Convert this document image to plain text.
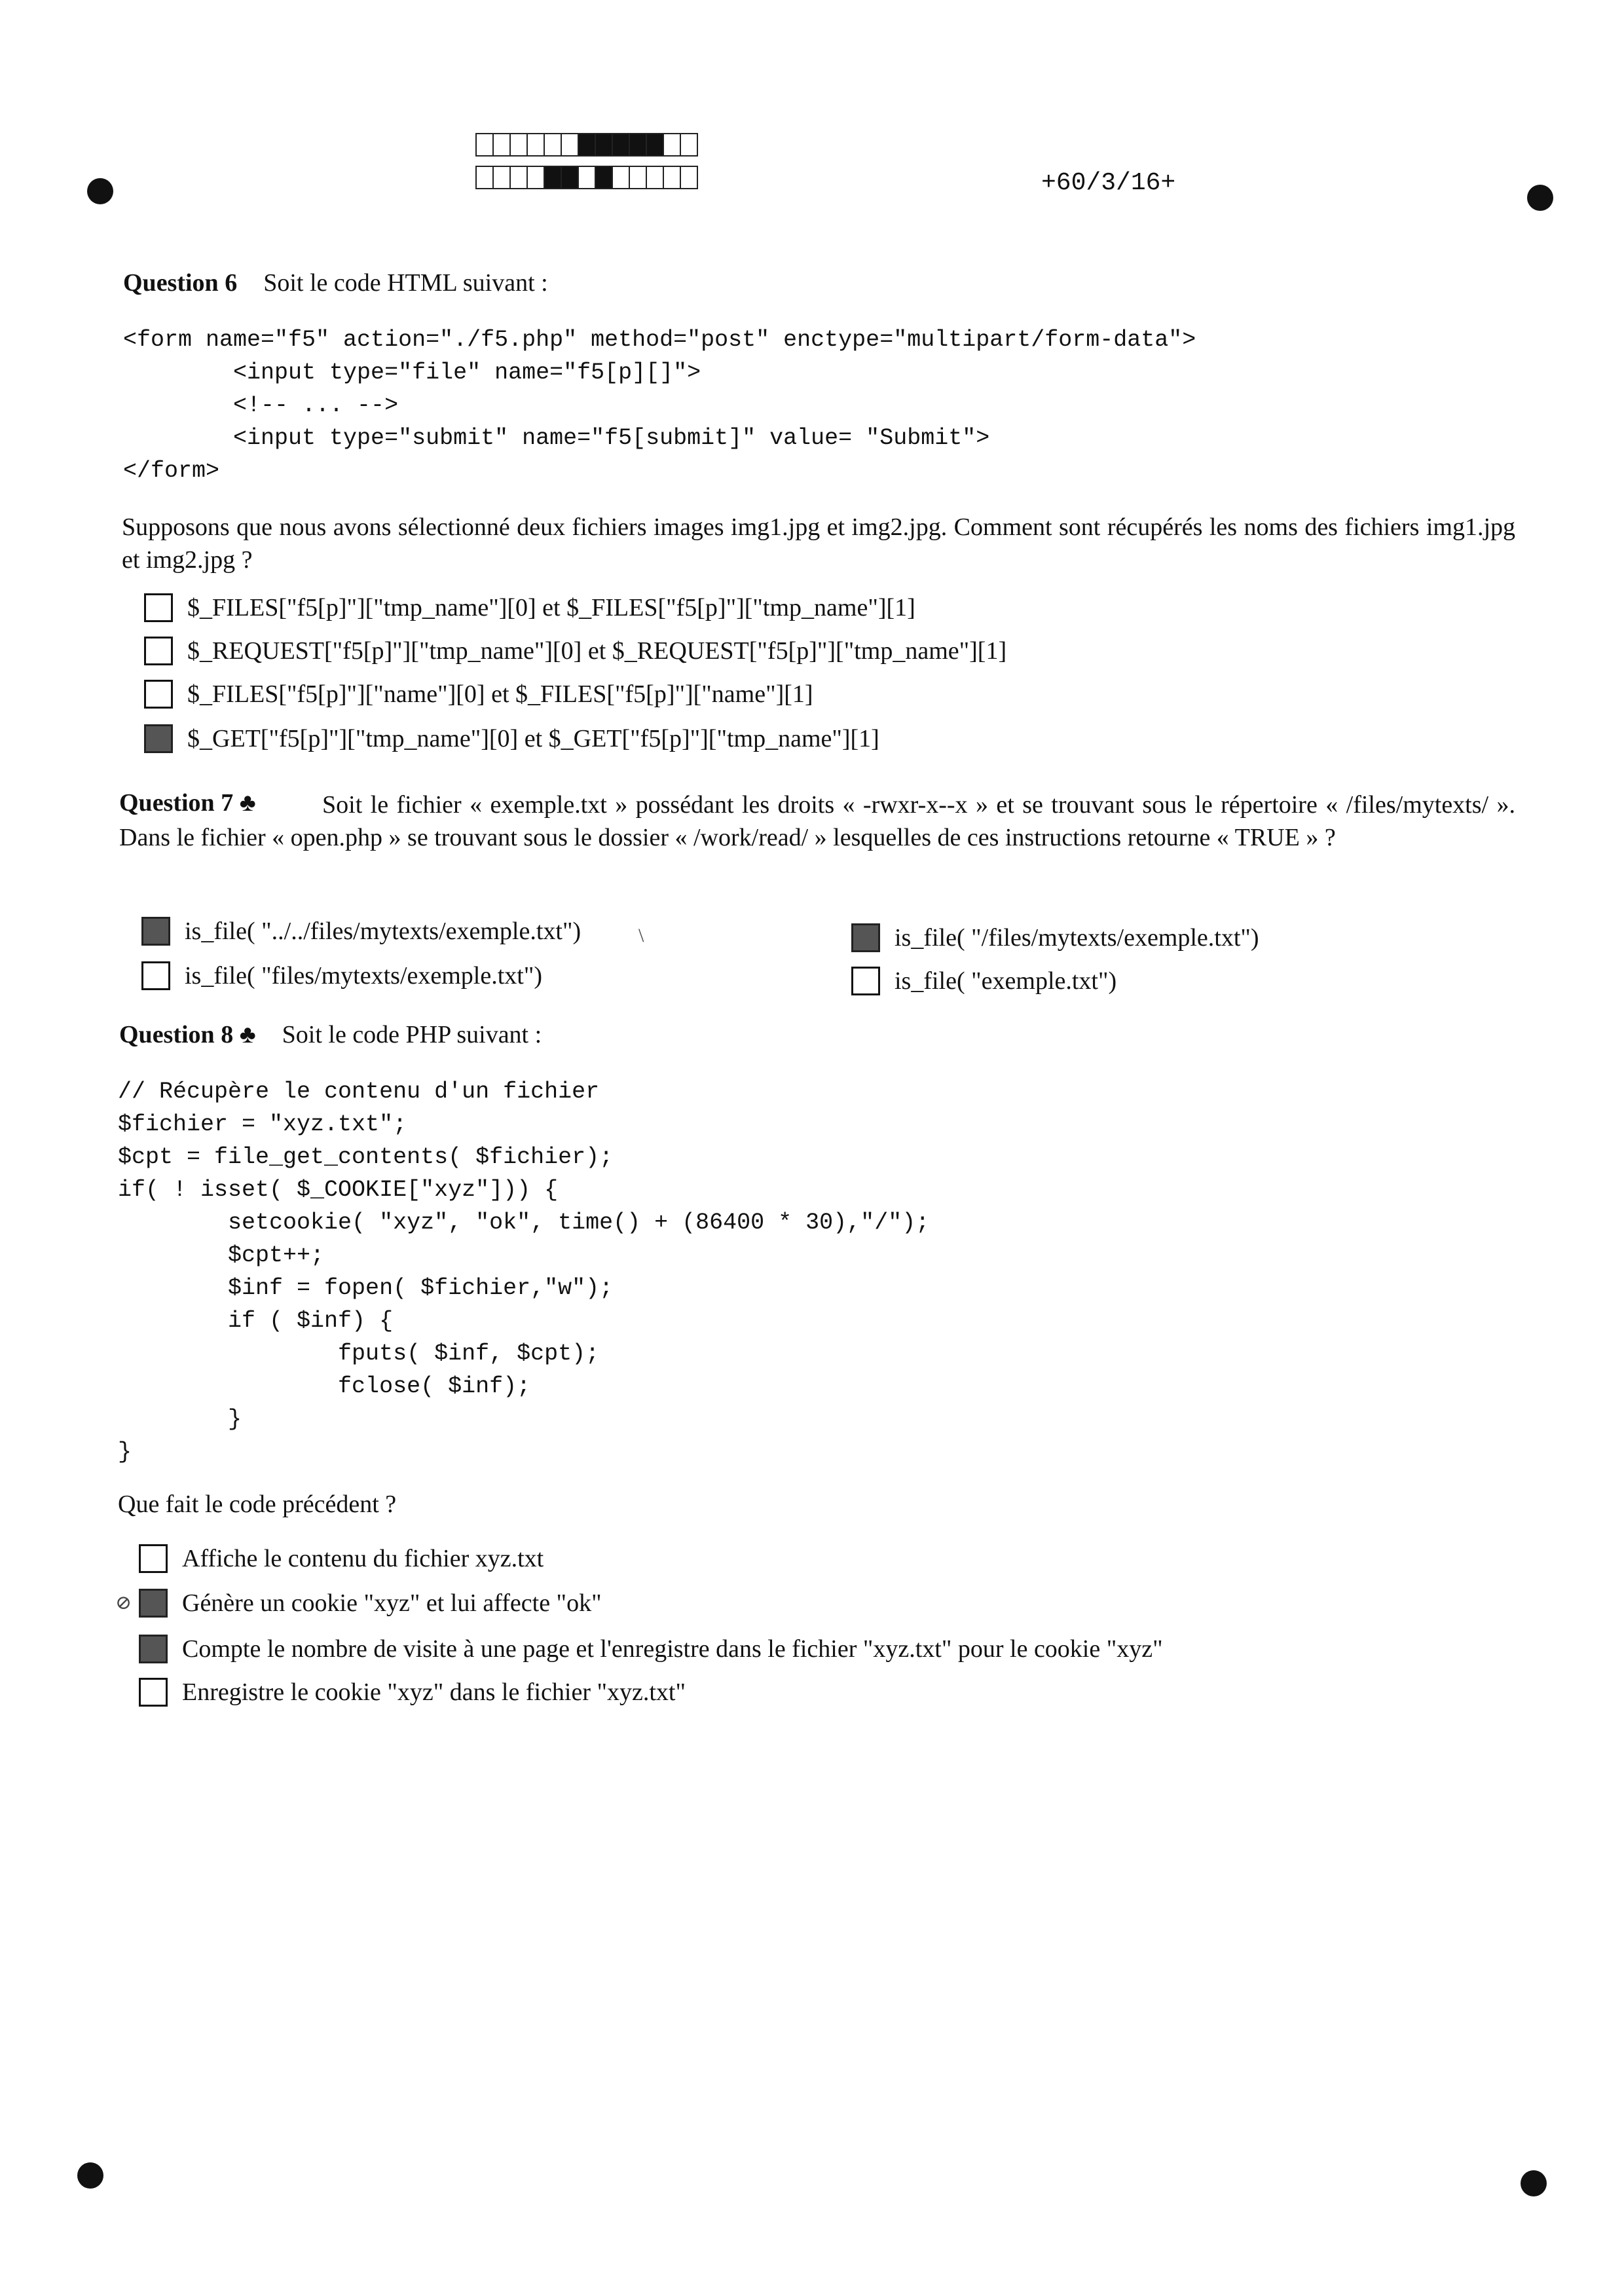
+60/3/16+
Question 6 Soit le code HTML suivant :
<form name="f5" action="./f5.php" method="post" enctype="multipart/form-data">
<input type="file" name="f5[p][]">
<!-- ... -->
<input type="submit" name="f5[submit]" value= "Submit">
</form>
Supposons que nous avons sélectionné deux fichiers images img1.jpg et img2.jpg. Comment sont récupérés les noms des fichiers img1.jpg et img2.jpg ?
$_FILES["f5[p]"]["tmp_name"][0] et $_FILES["f5[p]"]["tmp_name"][1]
$_REQUEST["f5[p]"]["tmp_name"][0] et $_REQUEST["f5[p]"]["tmp_name"][1]
$_FILES["f5[p]"]["name"][0] et $_FILES["f5[p]"]["name"][1]
$_GET["f5[p]"]["tmp_name"][0] et $_GET["f5[p]"]["tmp_name"][1]
Question 7 ♣	Soit le fichier « exemple.txt » possédant les droits « -rwxr-x--x » et se trouvant sous le répertoire « /files/mytexts/ ». Dans le fichier « open.php » se trouvant sous le dossier « /work/read/ » lesquelles de ces instructions retourne « TRUE » ?
is_file( "../../files/mytexts/exemple.txt")	is_file( "/files/mytexts/exemple.txt")
is_file( "files/mytexts/exemple.txt")	is_file( "exemple.txt")
Question 8 ♣ Soit le code PHP suivant :
// Récupère le contenu d'un fichier
$fichier = "xyz.txt";
$cpt = file_get_contents( $fichier);
if( ! isset( $_COOKIE["xyz"])) {
setcookie( "xyz", "ok", time() + (86400 * 30),"/");
$cpt++;
$inf = fopen( $fichier,"w");
if ( $inf) {
fputs( $inf, $cpt);
fclose( $inf);
}
}
Que fait le code précédent ?
Affiche le contenu du fichier xyz.txt
Génère un cookie "xyz" et lui affecte "ok"
Compte le nombre de visite à une page et l'enregistre dans le fichier "xyz.txt" pour le cookie "xyz"
Enregistre le cookie "xyz" dans le fichier "xyz.txt"
⊘
\
